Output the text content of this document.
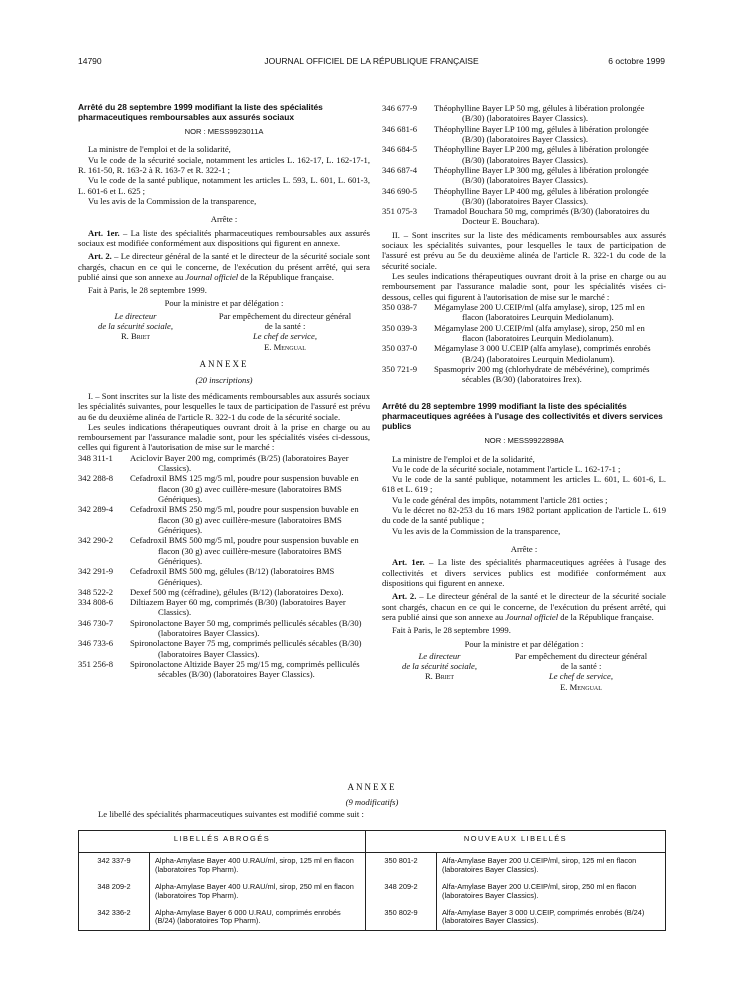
14790	JOURNAL OFFICIEL DE LA RÉPUBLIQUE FRANÇAISE	6 octobre 1999
Arrêté du 28 septembre 1999 modifiant la liste des spécialités pharmaceutiques remboursables aux assurés sociaux
NOR : MESS9923011A

La ministre de l'emploi et de la solidarité,

Vu le code de la sécurité sociale, notamment les articles L. 162-17, L. 162-17-1, R. 161-50, R. 163-2 à R. 163-7 et R. 322-1 ;

Vu le code de la santé publique, notamment les articles L. 593, L. 601, L. 601-3, L. 601-6 et L. 625 ;

Vu les avis de la Commission de la transparence,

Arrête :

Art. 1er. – La liste des spécialités pharmaceutiques remboursables aux assurés sociaux est modifiée conformément aux dispositions qui figurent en annexe.

Art. 2. – Le directeur général de la santé et le directeur de la sécurité sociale sont chargés, chacun en ce qui le concerne, de l'exécution du présent arrêté, qui sera publié ainsi que son annexe au Journal officiel de la République française.

Fait à Paris, le 28 septembre 1999.

Pour la ministre et par délégation :

Le directeur
de la sécurité sociale,
R. Briet
Par empêchement du directeur général
de la santé :
Le chef de service,
E. Mengual
ANNEXE
(20 inscriptions)

I. – Sont inscrites sur la liste des médicaments remboursables aux assurés sociaux les spécialités suivantes, pour lesquelles le taux de participation de l'assuré est prévu au 6e du deuxième alinéa de l'article R. 322-1 du code de la sécurité sociale.

Les seules indications thérapeutiques ouvrant droit à la prise en charge ou au remboursement par l'assurance maladie sont, pour les spécialités visées ci-dessous, celles qui figurent à l'autorisation de mise sur le marché :

348 311-1	Aciclovir Bayer 200 mg, comprimés (B/25) (laboratoires Bayer Classics).
342 288-8	Cefadroxil BMS 125 mg/5 ml, poudre pour suspension buvable en flacon (30 g) avec cuillère-mesure (laboratoires BMS Génériques).
342 289-4	Cefadroxil BMS 250 mg/5 ml, poudre pour suspension buvable en flacon (30 g) avec cuillère-mesure (laboratoires BMS Génériques).
342 290-2	Cefadroxil BMS 500 mg/5 ml, poudre pour suspension buvable en flacon (30 g) avec cuillère-mesure (laboratoires BMS Génériques).
342 291-9	Cefadroxil BMS 500 mg, gélules (B/12) (laboratoires BMS Génériques).
348 522-2	Dexef 500 mg (céfradine), gélules (B/12) (laboratoires Dexo).
334 808-6	Diltiazem Bayer 60 mg, comprimés (B/30) (laboratoires Bayer Classics).
346 730-7	Spironolactone Bayer 50 mg, comprimés pelliculés sécables (B/30) (laboratoires Bayer Classics).
346 733-6	Spironolactone Bayer 75 mg, comprimés pelliculés sécables (B/30) (laboratoires Bayer Classics).
351 256-8	Spironolactone Altizide Bayer 25 mg/15 mg, comprimés pelliculés sécables (B/30) (laboratoires Bayer Classics).
346 677-9	Théophylline Bayer LP 50 mg, gélules à libération prolongée (B/30) (laboratoires Bayer Classics).
346 681-6	Théophylline Bayer LP 100 mg, gélules à libération prolongée (B/30) (laboratoires Bayer Classics).
346 684-5	Théophylline Bayer LP 200 mg, gélules à libération prolongée (B/30) (laboratoires Bayer Classics).
346 687-4	Théophylline Bayer LP 300 mg, gélules à libération prolongée (B/30) (laboratoires Bayer Classics).
346 690-5	Théophylline Bayer LP 400 mg, gélules à libération prolongée (B/30) (laboratoires Bayer Classics).
351 075-3	Tramadol Bouchara 50 mg, comprimés (B/30) (laboratoires du Docteur E. Bouchara).

II. – Sont inscrites sur la liste des médicaments remboursables aux assurés sociaux les spécialités suivantes, pour lesquelles le taux de participation de l'assuré est prévu au 5e du deuxième alinéa de l'article R. 322-1 du code de la sécurité sociale.

Les seules indications thérapeutiques ouvrant droit à la prise en charge ou au remboursement par l'assurance maladie sont, pour les spécialités visées ci-dessous, celles qui figurent à l'autorisation de mise sur le marché :

350 038-7	Mégamylase 200 U.CEIP/ml (alfa amylase), sirop, 125 ml en flacon (laboratoires Leurquin Mediolanum).
350 039-3	Mégamylase 200 U.CEIP/ml (alfa amylase), sirop, 250 ml en flacon (laboratoires Leurquin Mediolanum).
350 037-0	Mégamylase 3 000 U.CEIP (alfa amylase), comprimés enrobés (B/24) (laboratoires Leurquin Mediolanum).
350 721-9	Spasmopriv 200 mg (chlorhydrate de mébévérine), comprimés sécables (B/30) (laboratoires Irex).
Arrêté du 28 septembre 1999 modifiant la liste des spécialités pharmaceutiques agréées à l'usage des collectivités et divers services publics
NOR : MESS9922898A

La ministre de l'emploi et de la solidarité,

Vu le code de la sécurité sociale, notamment l'article L. 162-17-1 ;

Vu le code de la santé publique, notamment les articles L. 601, L. 601-6, L. 618 et L. 619 ;

Vu le code général des impôts, notamment l'article 281 octies ;

Vu le décret no 82-253 du 16 mars 1982 portant application de l'article L. 619 du code de la santé publique ;

Vu les avis de la Commission de la transparence,

Arrête :

Art. 1er. – La liste des spécialités pharmaceutiques agréées à l'usage des collectivités et divers services publics est modifiée conformément aux dispositions qui figurent en annexe.

Art. 2. – Le directeur général de la santé et le directeur de la sécurité sociale sont chargés, chacun en ce qui le concerne, de l'exécution du présent arrêté, qui sera publié ainsi que son annexe au Journal officiel de la République française.

Fait à Paris, le 28 septembre 1999.

Pour la ministre et par délégation :

Le directeur
de la sécurité sociale,
R. Briet
Par empêchement du directeur général
de la santé :
Le chef de service,
E. Mengual
ANNEXE
(9 modificatifs)

Le libellé des spécialités pharmaceutiques suivantes est modifié comme suit :

LIBELLÉS ABROGÉS		NOUVEAUX LIBELLÉS	
342 337-9	Alpha-Amylase Bayer 400 U.RAU/ml, sirop, 125 ml en flacon (laboratoires Top Pharm).	350 801-2	Alfa-Amylase Bayer 200 U.CEIP/ml, sirop, 125 ml en flacon (laboratoires Bayer Classics).
348 209-2	Alpha-Amylase Bayer 400 U.RAU/ml, sirop, 250 ml en flacon (laboratoires Top Pharm).	348 209-2	Alfa-Amylase Bayer 200 U.CEIP/ml, sirop, 250 ml en flacon (laboratoires Bayer Classics).
342 336-2	Alpha-Amylase Bayer 6 000 U.RAU, comprimés enrobés (B/24) (laboratoires Top Pharm).	350 802-9	Alfa-Amylase Bayer 3 000 U.CEIP, comprimés enrobés (B/24) (laboratoires Bayer Classics).
